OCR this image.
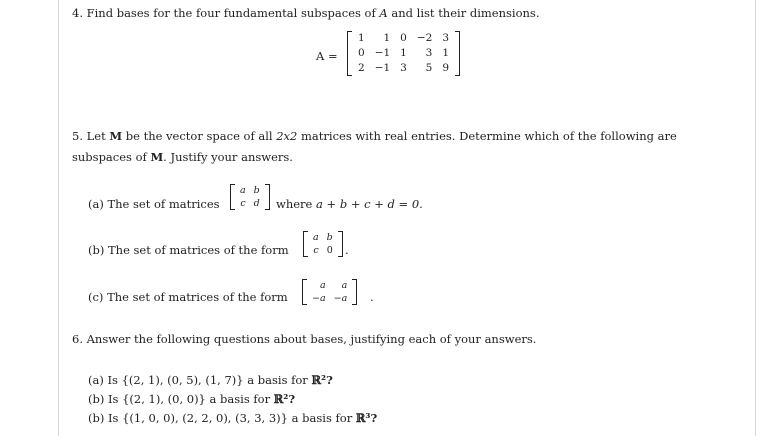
4. Find bases for the four fundamental subspaces of A and list their dimensions.
A =
1	1	0	−2	3
0	−1	1	3	1
2	−1	3	5	9
5. Let M be the vector space of all 2x2 matrices with real entries. Determine which of the following are
subspaces of M. Justify your answers.
(a) The set of matrices
a	b
c	d where a + b + c + d = 0.
(b) The set of matrices of the form
a	b
c	0 .
(c) The set of matrices of the form
a	a
−a	−a .
6. Answer the following questions about bases, justifying each of your answers.
(a) Is {(2, 1), (0, 5), (1, 7)} a basis for ℝ²?
(b) Is {(2, 1), (0, 0)} a basis for ℝ²?
(b) Is {(1, 0, 0), (2, 2, 0), (3, 3, 3)} a basis for ℝ³?
